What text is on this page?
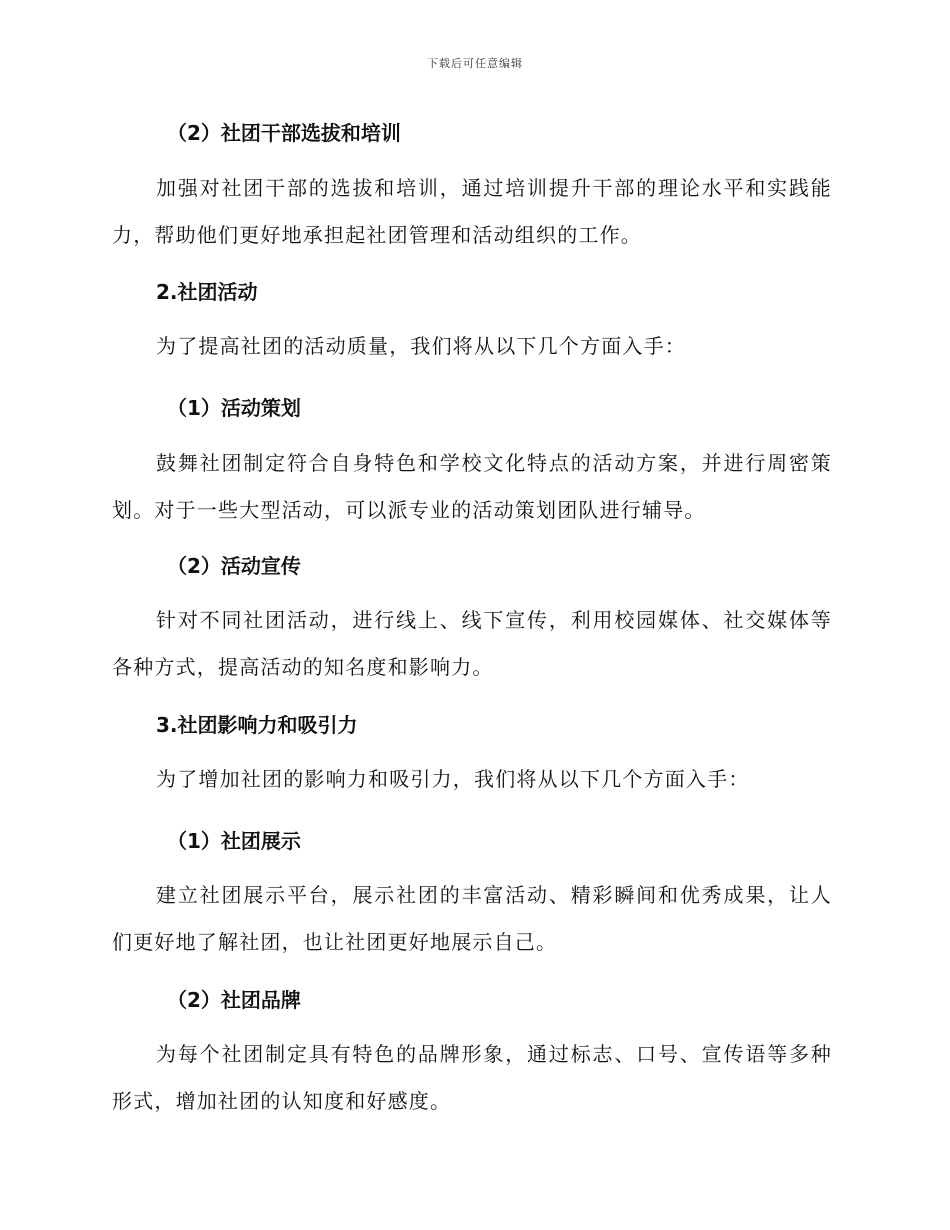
下载后可任意编辑
（2）社团干部选拔和培训
加强对社团干部的选拔和培训，通过培训提升干部的理论水平和实践能力，帮助他们更好地承担起社团管理和活动组织的工作。
2.社团活动
为了提高社团的活动质量，我们将从以下几个方面入手：
（1）活动策划
鼓舞社团制定符合自身特色和学校文化特点的活动方案，并进行周密策划。对于一些大型活动，可以派专业的活动策划团队进行辅导。
（2）活动宣传
针对不同社团活动，进行线上、线下宣传，利用校园媒体、社交媒体等各种方式，提高活动的知名度和影响力。
3.社团影响力和吸引力
为了增加社团的影响力和吸引力，我们将从以下几个方面入手：
（1）社团展示
建立社团展示平台，展示社团的丰富活动、精彩瞬间和优秀成果，让人们更好地了解社团，也让社团更好地展示自己。
（2）社团品牌
为每个社团制定具有特色的品牌形象，通过标志、口号、宣传语等多种形式，增加社团的认知度和好感度。
